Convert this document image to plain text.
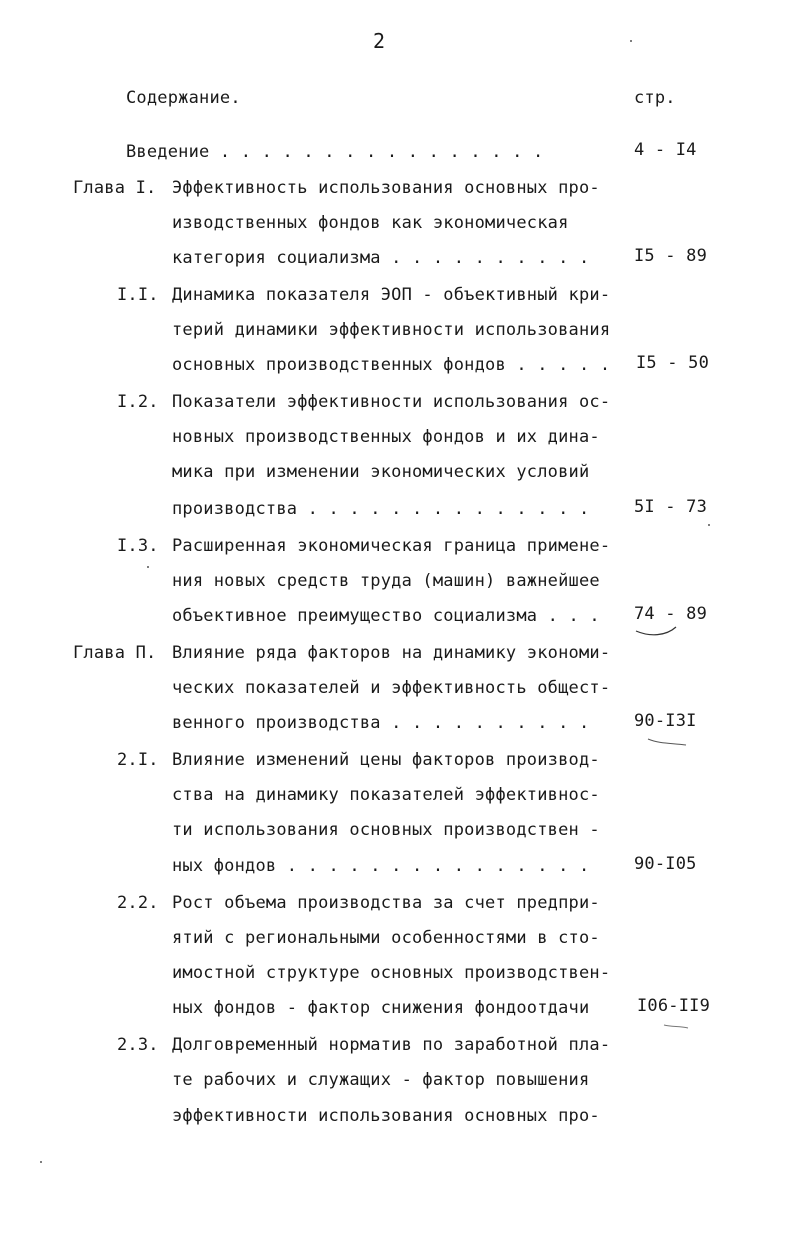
2
Содержание.	стр.
Введение . . . . . . . . . . . . . . . .	4 - I4
Глава I. Эффективность использования основных про-
изводственных фондов как экономическая
категория социализма . . . . . . . . . .	I5 - 89
I.I. Динамика показателя ЭОП - объективный кри-
терий динамики эффективности использования
основных производственных фондов . . . . . I5 - 50
I.2. Показатели эффективности использования ос-
новных производственных фондов и их дина-
мика при изменении экономических условий
производства . . . . . . . . . . . . . .	5I - 73
I.3. Расширенная экономическая граница примене-
ния новых средств труда (машин) важнейшее
объективное преимущество социализма . . . 74 - 89
Глава П. Влияние ряда факторов на динамику экономи-
ческих показателей и эффективность общест-
венного производства . . . . . . . . . .	90-I3I
2.I. Влияние изменений цены факторов производ-
ства на динамику показателей эффективнос-
ти использования основных производствен -
ных фондов . . . . . . . . . . . . . . .	90-I05
2.2. Рост объема производства за счет предпри-
ятий с региональными особенностями в сто-
имостной структуре основных производствен-
ных фондов - фактор снижения фондоотдачи	I06-II9
2.3. Долговременный норматив по заработной пла-
те рабочих и служащих - фактор повышения
эффективности использования основных про-
